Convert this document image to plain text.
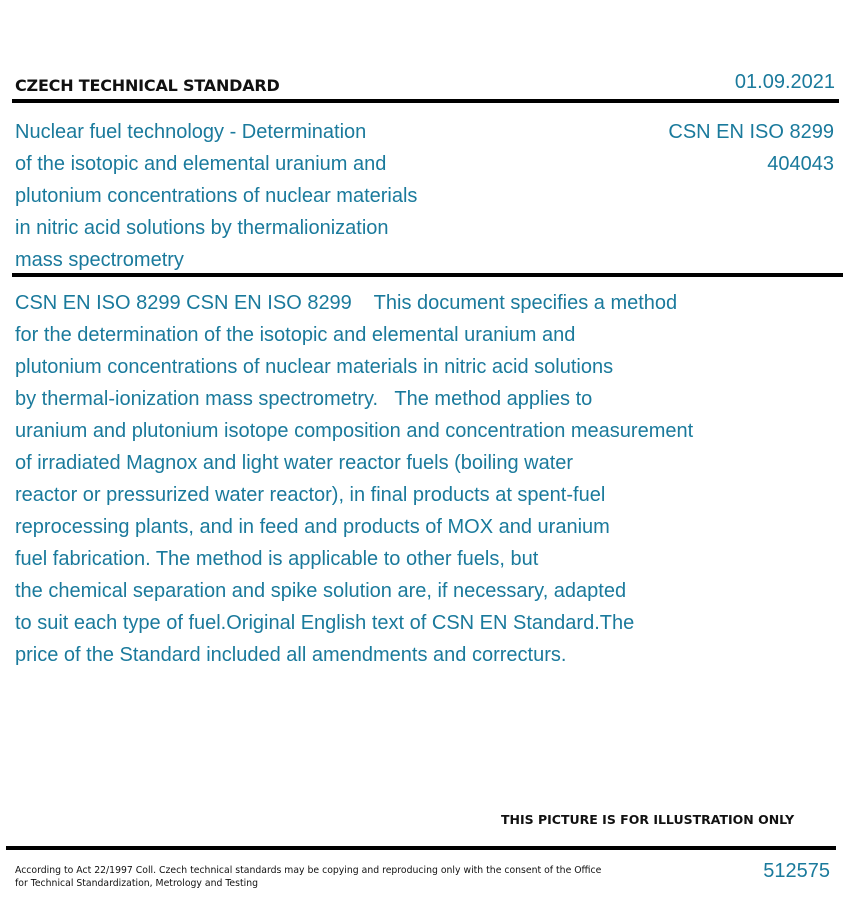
CZECH TECHNICAL STANDARD	01.09.2021
Nuclear fuel technology - Determination
of the isotopic and elemental uranium and
plutonium concentrations of nuclear materials
in nitric acid solutions by thermalionization
mass spectrometry
CSN EN ISO 8299
404043
CSN EN ISO 8299 CSN EN ISO 8299    This document specifies a method
for the determination of the isotopic and elemental uranium and
plutonium concentrations of nuclear materials in nitric acid solutions
by thermal-ionization mass spectrometry.   The method applies to
uranium and plutonium isotope composition and concentration measurement
of irradiated Magnox and light water reactor fuels (boiling water
reactor or pressurized water reactor), in final products at spent-fuel
reprocessing plants, and in feed and products of MOX and uranium
fuel fabrication. The method is applicable to other fuels, but
the chemical separation and spike solution are, if necessary, adapted
to suit each type of fuel.Original English text of CSN EN Standard.The
price of the Standard included all amendments and correcturs.
THIS PICTURE IS FOR ILLUSTRATION ONLY
According to Act 22/1997 Coll. Czech technical standards may be copying and reproducing only with the consent of the Office
for Technical Standardization, Metrology and Testing
512575
